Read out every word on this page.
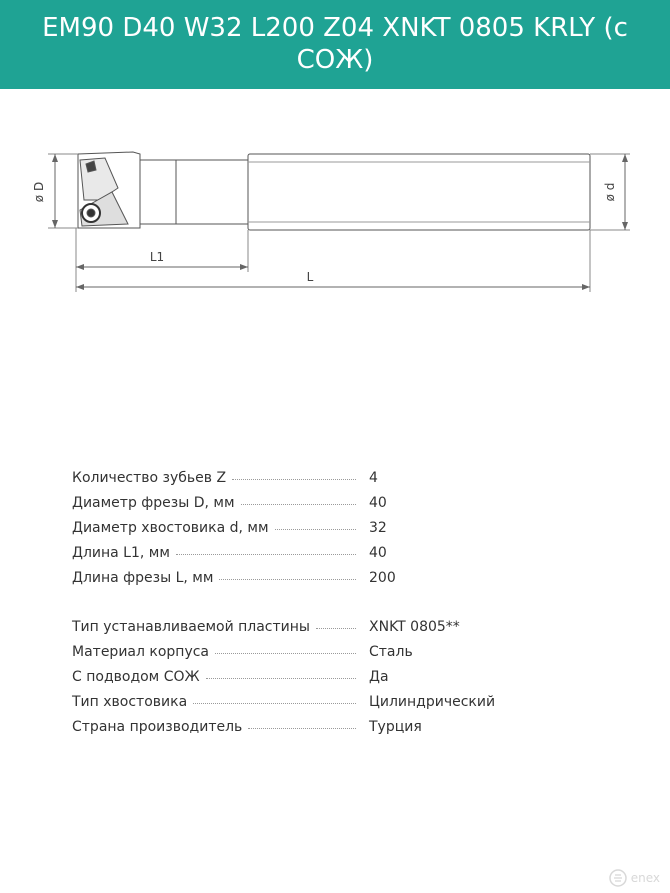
EM90 D40 W32 L200 Z04 XNKT 0805 KRLY (с СОЖ)
ø D	ø d
L1
L
Количество зубьев Z	4
Диаметр фрезы D, мм	40
Диаметр хвостовика d, мм	32
Длина L1, мм	40
Длина фрезы L, мм	200
Тип устанавливаемой пластины	XNKT 0805**
Материал корпуса	Сталь
С подводом СОЖ	Да
Тип хвостовика	Цилиндрический
Страна производитель	Турция
enex
